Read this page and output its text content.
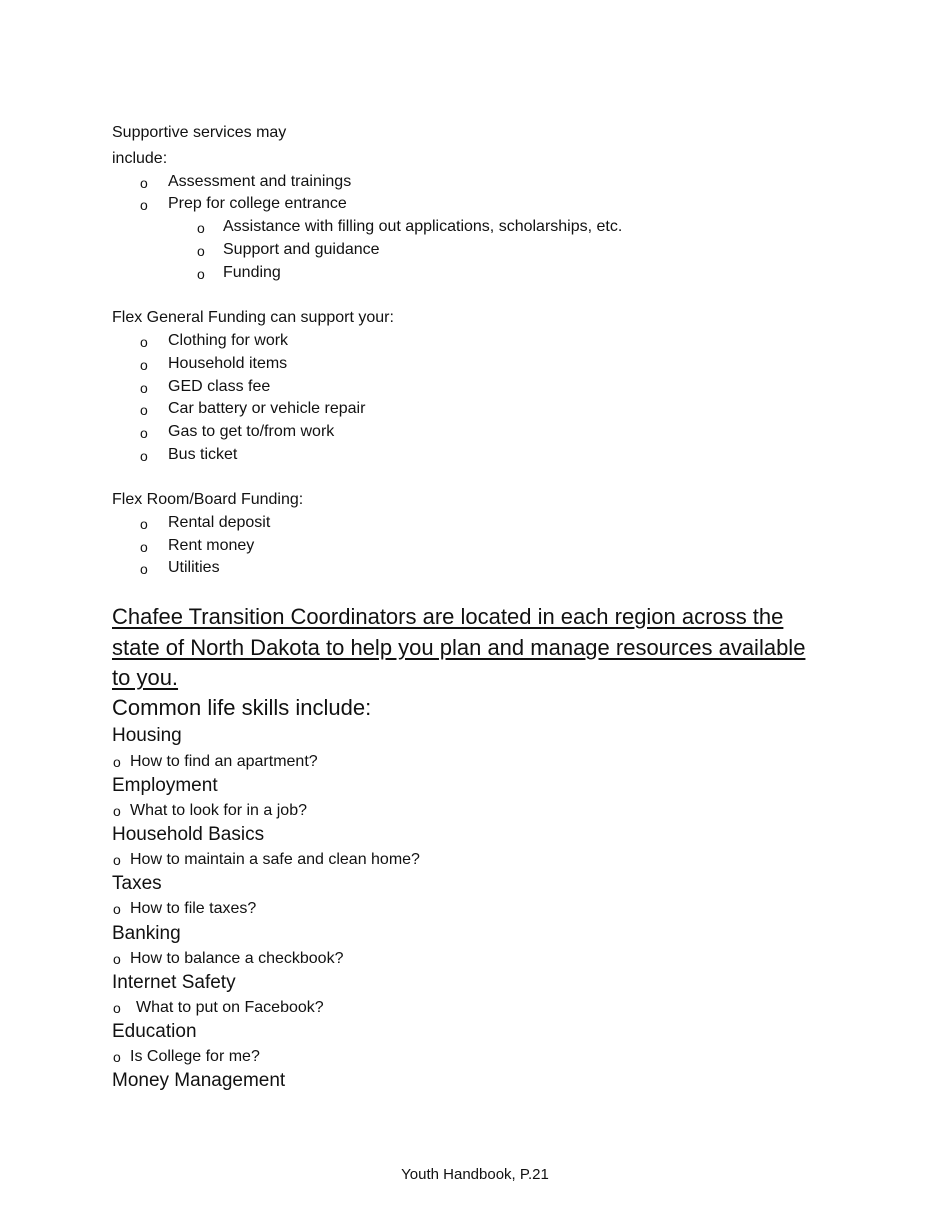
Supportive services may
include:
o Assessment and trainings
o Prep for college entrance
o Assistance with filling out applications, scholarships, etc.
o Support and guidance
o Funding
Flex General Funding can support your:
o Clothing for work
o Household items
o GED class fee
o Car battery or vehicle repair
o Gas to get to/from work
o Bus ticket
Flex Room/Board Funding:
o Rental deposit
o Rent money
o Utilities
Chafee Transition Coordinators are located in each region across the
state of North Dakota to help you plan and manage resources available
to you.
Common life skills include:
Housing
o How to find an apartment?
Employment
o What to look for in a job?
Household Basics
o How to maintain a safe and clean home?
Taxes
o How to file taxes?
Banking
o How to balance a checkbook?
Internet Safety
o What to put on Facebook?
Education
o Is College for me?
Money Management
Youth Handbook, P.21
